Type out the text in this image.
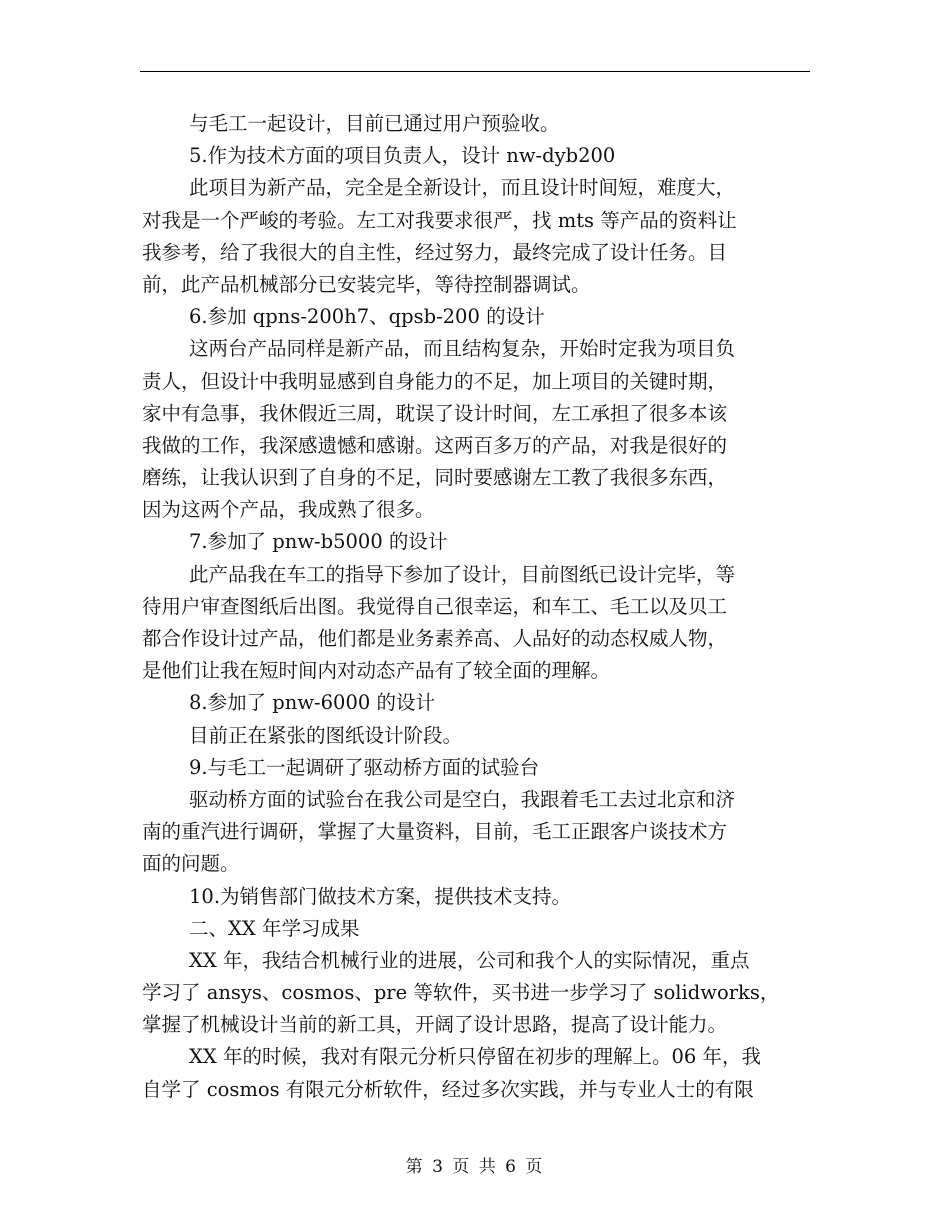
与毛工一起设计，目前已通过用户预验收。
5.作为技术方面的项目负责人，设计 nw-dyb200
此项目为新产品，完全是全新设计，而且设计时间短，难度大，
对我是一个严峻的考验。左工对我要求很严，找 mts 等产品的资料让
我参考，给了我很大的自主性，经过努力，最终完成了设计任务。目
前，此产品机械部分已安装完毕，等待控制器调试。
6.参加 qpns-200h7、qpsb-200 的设计
这两台产品同样是新产品，而且结构复杂，开始时定我为项目负
责人，但设计中我明显感到自身能力的不足，加上项目的关键时期，
家中有急事，我休假近三周，耽误了设计时间，左工承担了很多本该
我做的工作，我深感遗憾和感谢。这两百多万的产品，对我是很好的
磨练，让我认识到了自身的不足，同时要感谢左工教了我很多东西，
因为这两个产品，我成熟了很多。
7.参加了 pnw-b5000 的设计
此产品我在车工的指导下参加了设计，目前图纸已设计完毕，等
待用户审查图纸后出图。我觉得自己很幸运，和车工、毛工以及贝工
都合作设计过产品，他们都是业务素养高、人品好的动态权威人物，
是他们让我在短时间内对动态产品有了较全面的理解。
8.参加了 pnw-6000 的设计
目前正在紧张的图纸设计阶段。
9.与毛工一起调研了驱动桥方面的试验台
驱动桥方面的试验台在我公司是空白，我跟着毛工去过北京和济
南的重汽进行调研，掌握了大量资料，目前，毛工正跟客户谈技术方
面的问题。
10.为销售部门做技术方案，提供技术支持。
二、XX 年学习成果
XX 年，我结合机械行业的进展，公司和我个人的实际情况，重点
学习了 ansys、cosmos、pre 等软件，买书进一步学习了 solidworks，
掌握了机械设计当前的新工具，开阔了设计思路，提高了设计能力。
XX 年的时候，我对有限元分析只停留在初步的理解上。06 年，我
自学了 cosmos 有限元分析软件，经过多次实践，并与专业人士的有限
第 3 页 共 6 页
